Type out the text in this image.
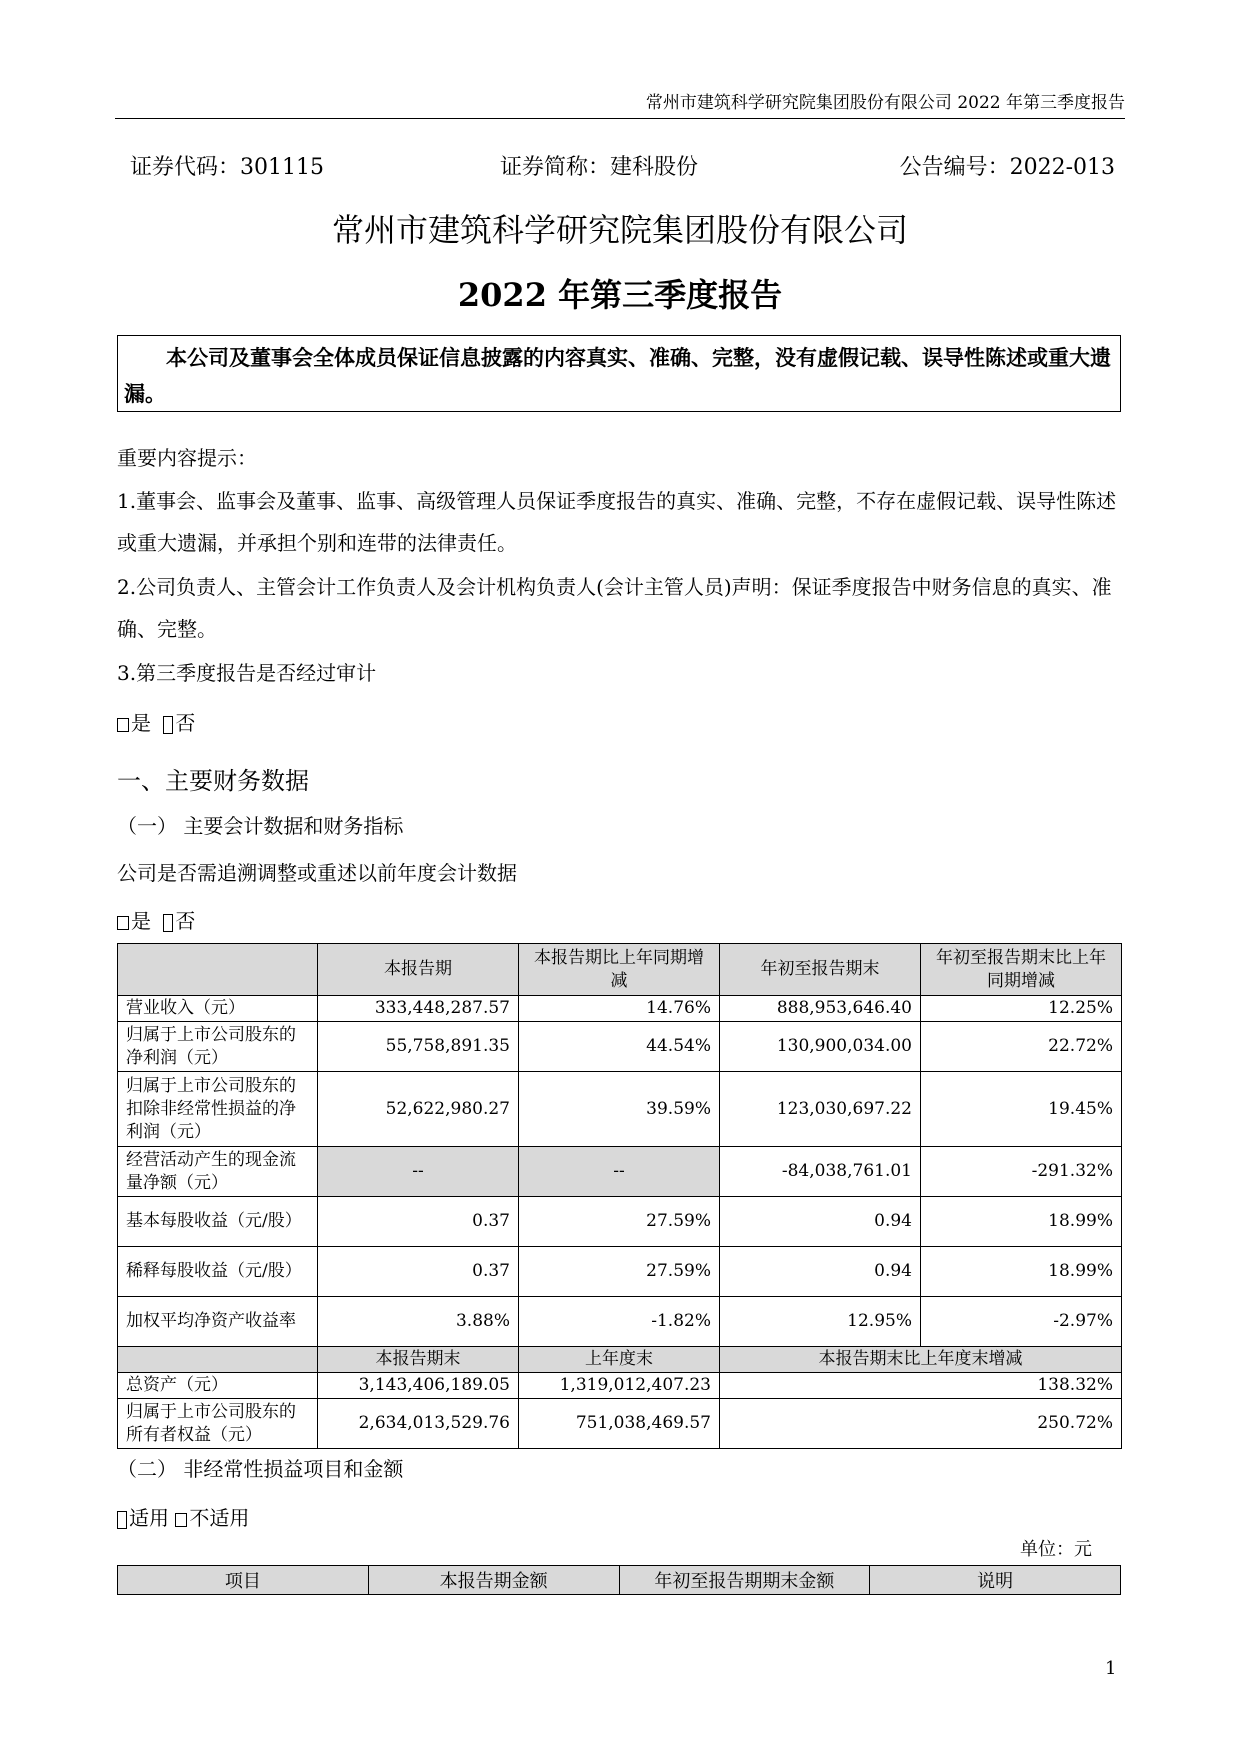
常州市建筑科学研究院集团股份有限公司 2022 年第三季度报告
证券代码：301115	证券简称：建科股份	公告编号：2022-013
常州市建筑科学研究院集团股份有限公司
2022 年第三季度报告
本公司及董事会全体成员保证信息披露的内容真实、准确、完整，没有虚假记载、误导性陈述或重大遗漏。
重要内容提示：
1.董事会、监事会及董事、监事、高级管理人员保证季度报告的真实、准确、完整，不存在虚假记载、误导性陈述或重大遗漏，并承担个别和连带的法律责任。
2.公司负责人、主管会计工作负责人及会计机构负责人(会计主管人员)声明：保证季度报告中财务信息的真实、准确、完整。
3.第三季度报告是否经过审计
是 否
一、主要财务数据
（一） 主要会计数据和财务指标
公司是否需追溯调整或重述以前年度会计数据
是 否
	本报告期	本报告期比上年同期增减	年初至报告期末	年初至报告期末比上年同期增减
营业收入（元）	333,448,287.57	14.76%	888,953,646.40	12.25%
归属于上市公司股东的净利润（元）	55,758,891.35	44.54%	130,900,034.00	22.72%
归属于上市公司股东的扣除非经常性损益的净利润（元）	52,622,980.27	39.59%	123,030,697.22	19.45%
经营活动产生的现金流量净额（元）	--	--	-84,038,761.01	-291.32%
基本每股收益（元/股）	0.37	27.59%	0.94	18.99%
稀释每股收益（元/股）	0.37	27.59%	0.94	18.99%
加权平均净资产收益率	3.88%	-1.82%	12.95%	-2.97%
	本报告期末	上年度末	本报告期末比上年度末增减	
总资产（元）	3,143,406,189.05	1,319,012,407.23	138.32%	
归属于上市公司股东的所有者权益（元）	2,634,013,529.76	751,038,469.57	250.72%	
（二） 非经常性损益项目和金额
适用 不适用
单位：元
项目	本报告期金额	年初至报告期期末金额	说明
1
